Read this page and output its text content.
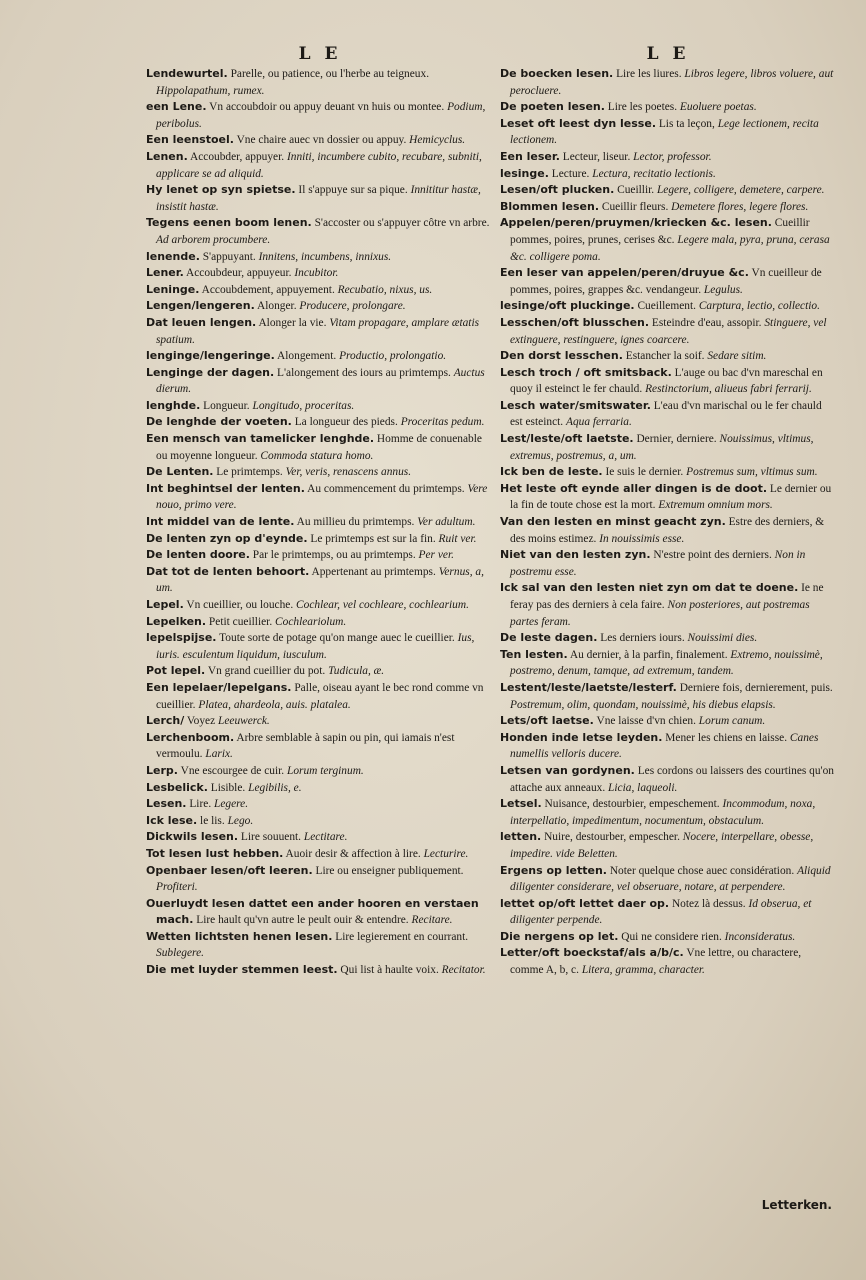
L E
Lendewurtel. Parelle, ou patience, ou l'herbe au teigneux. Hippolapathum, rumex.
een Lene. Vn accoubdoir ou appuy deuant vn huis ou montee. Podium, peribolus.
Een leenstoel. Vne chaire auec vn dossier ou appuy. Hemicyclus.
Lenen. Accoubder, appuyer. Inniti, incumbere cubito, recubare, subniti, applicare se ad aliquid.
Hy lenet op syn spietse. Il s'appuye sur sa pique. Innititur hastæ, insistit hastæ.
Tegens eenen boom lenen. S'accoster ou s'appuyer côtre vn arbre. Ad arborem procumbere.
lenende. S'appuyant. Innitens, incumbens, innixus.
Lener. Accoubdeur, appuyeur. Incubitor.
Leninge. Accoubdement, appuyement. Recubatio, nixus, us.
Lengen/lengeren. Alonger. Producere, prolongare.
Dat leuen lengen. Alonger la vie. Vitam propagare, amplare ætatis spatium.
lenginge/lengeringe. Alongement. Productio, prolongatio.
Lenginge der dagen. L'alongement des iours au primtemps. Auctus dierum.
lenghde. Longueur. Longitudo, proceritas.
De lenghde der voeten. La longueur des pieds. Proceritas pedum.
Een mensch van tamelicker lenghde. Homme de conuenable ou moyenne longueur. Commoda statura homo.
De Lenten. Le primtemps. Ver, veris, renascens annus.
Int beghintsel der lenten. Au commencement du primtemps. Vere nouo, primo vere.
Int middel van de lente. Au millieu du primtemps. Ver adultum.
De lenten zyn op d'eynde. Le primtemps est sur la fin. Ruit ver.
De lenten doore. Par le primtemps, ou au primtemps. Per ver.
Dat tot de lenten behoort. Appertenant au primtemps. Vernus, a, um.
Lepel. Vn cueillier, ou louche. Cochlear, vel cochleare, cochlearium.
Lepelken. Petit cueillier. Cochleariolum.
lepelspijse. Toute sorte de potage qu'on mange auec le cueillier. Ius, iuris. esculentum liquidum, iusculum.
Pot lepel. Vn grand cueillier du pot. Tudicula, æ.
Een lepelaer/lepelgans. Palle, oiseau ayant le bec rond comme vn cueillier. Platea, ahardeola, auis. platalea.
Lerch/ Voyez Leeuwerck.
Lerchenboom. Arbre semblable à sapin ou pin, qui iamais n'est vermoulu. Larix.
Lerp. Vne escourgee de cuir. Lorum terginum.
Lesbelick. Lisible. Legibilis, e.
Lesen. Lire. Legere.
Ick lese. le lis. Lego.
Dickwils lesen. Lire souuent. Lectitare.
Tot lesen lust hebben. Auoir desir & affection à lire. Lecturire.
Openbaer lesen/oft leeren. Lire ou enseigner publiquement. Profiteri.
Ouerluydt lesen dattet een ander hooren en verstaen mach. Lire hault qu'vn autre le peult ouir & entendre. Recitare.
Wetten lichtsten henen lesen. Lire legierement en courrant. Sublegere.
Die met luyder stemmen leest. Qui list à haulte voix. Recitator.
L E
De boecken lesen. Lire les liures. Libros legere, libros voluere, aut perocluere.
De poeten lesen. Lire les poetes. Euoluere poetas.
Leset oft leest dyn lesse. Lis ta leçon, Lege lectionem, recita lectionem.
Een leser. Lecteur, liseur. Lector, professor.
lesinge. Lecture. Lectura, recitatio lectionis.
Lesen/oft plucken. Cueillir. Legere, colligere, demetere, carpere.
Blommen lesen. Cueillir fleurs. Demetere flores, legere flores.
Appelen/peren/pruymen/kriecken &c. lesen. Cueillir pommes, poires, prunes, cerises &c. Legere mala, pyra, pruna, cerasa &c. colligere poma.
Een leser van appelen/peren/druyue &c. Vn cueilleur de pommes, poires, grappes &c. vendangeur. Legulus.
lesinge/oft pluckinge. Cueillement. Carptura, lectio, collectio.
Lesschen/oft blusschen. Esteindre d'eau, assopir. Stinguere, vel extinguere, restinguere, ignes coarcere.
Den dorst lesschen. Estancher la soif. Sedare sitim.
Lesch troch / oft smitsback. L'auge ou bac d'vn mareschal en quoy il esteinct le fer chauld. Restinctorium, aliueus fabri ferrarij.
Lesch water/smitswater. L'eau d'vn marischal ou le fer chauld est esteinct. Aqua ferraria.
Lest/leste/oft laetste. Dernier, derniere. Nouissimus, vltimus, extremus, postremus, a, um.
Ick ben de leste. Ie suis le dernier. Postremus sum, vltimus sum.
Het leste oft eynde aller dingen is de doot. Le dernier ou la fin de toute chose est la mort. Extremum omnium mors.
Van den lesten en minst geacht zyn. Estre des derniers, & des moins estimez. In nouissimis esse.
Niet van den lesten zyn. N'estre point des derniers. Non in postremu esse.
Ick sal van den lesten niet zyn om dat te doene. Ie ne feray pas des derniers à cela faire. Non posteriores, aut postremas partes feram.
De leste dagen. Les derniers iours. Nouissimi dies.
Ten lesten. Au dernier, à la parfin, finalement. Extremo, nouissimè, postremo, denum, tamque, ad extremum, tandem.
Lestent/leste/laetste/lesterf. Derniere fois, dernierement, puis. Postremum, olim, quondam, nouissimè, his diebus elapsis.
Lets/oft laetse. Vne laisse d'vn chien. Lorum canum.
Honden inde letse leyden. Mener les chiens en laisse. Canes numellis velloris ducere.
Letsen van gordynen. Les cordons ou laissers des courtines qu'on attache aux anneaux. Licia, laqueoli.
Letsel. Nuisance, destourbier, empeschement. Incommodum, noxa, interpellatio, impedimentum, nocumentum, obstaculum.
letten. Nuire, destourber, empescher. Nocere, interpellare, obesse, impedire. vide Beletten.
Ergens op letten. Noter quelque chose auec considération. Aliquid diligenter considerare, vel obseruare, notare, at perpendere.
lettet op/oft lettet daer op. Notez là dessus. Id obserua, et diligenter perpende.
Die nergens op let. Qui ne considere rien. Inconsideratus.
Letter/oft boeckstaf/als a/b/c. Vne lettre, ou charactere, comme A, b, c. Litera, gramma, character.
Letterken.
